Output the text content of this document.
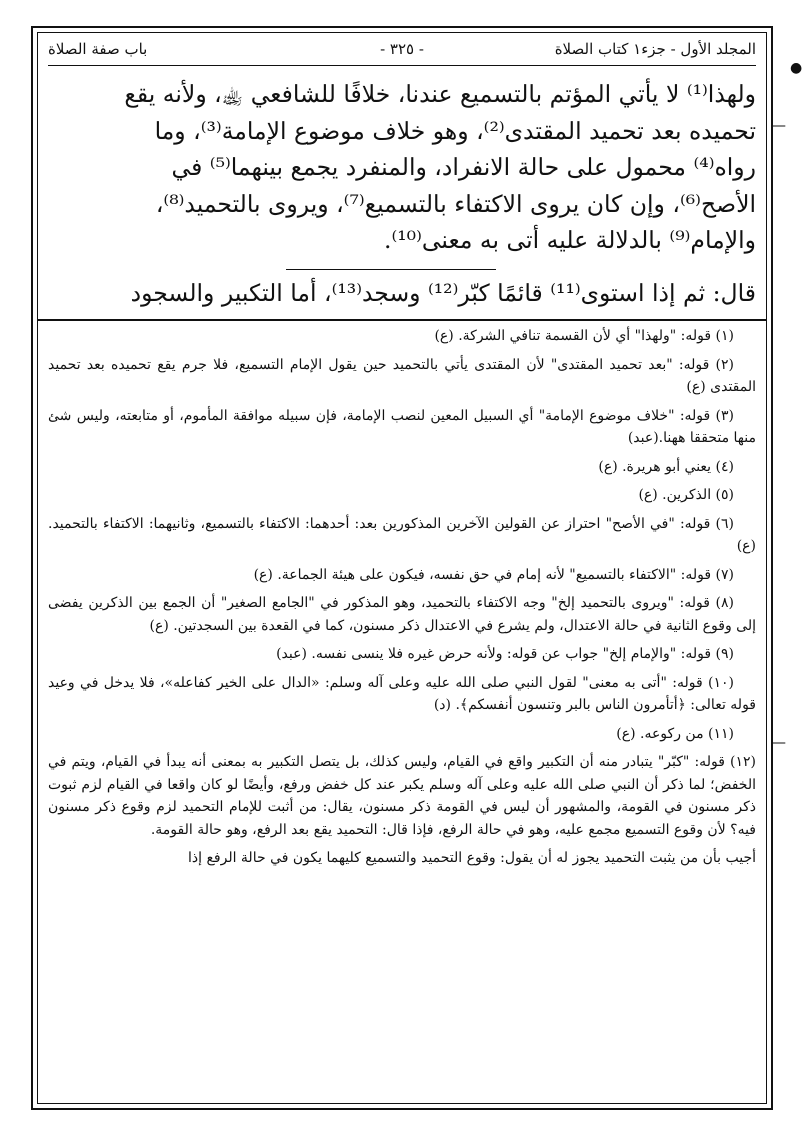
المجلد الأول - جزء١ كتاب الصلاة
- ٣٢٥ -
باب صفة الصلاة
ولهذا⁽¹⁾ لا يأتي المؤتم بالتسميع عندنا، خلافًا للشافعي ﵀، ولأنه يقع
تحميده بعد تحميد المقتدى⁽²⁾، وهو خلاف موضوع الإمامة⁽³⁾، وما
رواه⁽⁴⁾ محمول على حالة الانفراد، والمنفرد يجمع بينهما⁽⁵⁾ في
الأصح⁽⁶⁾، وإن كان يروى الاكتفاء بالتسميع⁽⁷⁾، ويروى بالتحميد⁽⁸⁾،
والإمام⁽⁹⁾ بالدلالة عليه أتى به معنى⁽¹⁰⁾.
قال: ثم إذا استوى⁽¹¹⁾ قائمًا كبّر⁽¹²⁾ وسجد⁽¹³⁾، أما التكبير والسجود

(١) قوله: "ولهذا" أي لأن القسمة تنافي الشركة. (ع)

(٢) قوله: "بعد تحميد المقتدى" لأن المقتدى يأتي بالتحميد حين يقول الإمام التسميع، فلا جرم يقع تحميده بعد تحميد المقتدى (ع)

(٣) قوله: "خلاف موضوع الإمامة" أي السبيل المعين لنصب الإمامة، فإن سبيله موافقة المأموم، أو متابعته، وليس شئ منها متحققا ههنا.(عبد)

(٤) يعني أبو هريرة. (ع)

(٥) الذكرين. (ع)

(٦) قوله: "في الأصح" احتراز عن القولين الآخرين المذكورين بعد: أحدهما: الاكتفاء بالتسميع، وثانيهما: الاكتفاء بالتحميد. (ع)

(٧) قوله: "الاكتفاء بالتسميع" لأنه إمام في حق نفسه، فيكون على هيئة الجماعة. (ع)

(٨) قوله: "ويروى بالتحميد إلخ" وجه الاكتفاء بالتحميد، وهو المذكور في "الجامع الصغير" أن الجمع بين الذكرين يفضى إلى وقوع الثانية في حالة الاعتدال، ولم يشرع في الاعتدال ذكر مسنون، كما في القعدة بين السجدتين. (ع)

(٩) قوله: "والإمام إلخ" جواب عن قوله: ولأنه حرض غيره فلا ينسى نفسه. (عبد)

(١٠) قوله: "أتى به معنى" لقول النبي صلى الله عليه وعلى آله وسلم: «الدال على الخير كفاعله»، فلا يدخل في وعيد قوله تعالى: ﴿أتأمرون الناس بالبر وتنسون أنفسكم﴾. (د)

(١١) من ركوعه. (ع)

(١٢) قوله: "كبّر" يتبادر منه أن التكبير واقع في القيام، وليس كذلك، بل يتصل التكبير به بمعنى أنه يبدأ في القيام، ويتم في الخفض؛ لما ذكر أن النبي صلى الله عليه وعلى آله وسلم يكبر عند كل خفض ورفع، وأيضًا لو كان واقعا في القيام لزم ثبوت ذكر مسنون في القومة، والمشهور أن ليس في القومة ذكر مسنون، يقال: من أثبت للإمام التحميد لزم وقوع ذكر مسنون فيه؟ لأن وقوع التسميع مجمع عليه، وهو في حالة الرفع، فإذا قال: التحميد يقع بعد الرفع، وهو حالة القومة.

أجيب بأن من يثبت التحميد يجوز له أن يقول: وقوع التحميد والتسميع كليهما يكون في حالة الرفع إذا

●
—
—
